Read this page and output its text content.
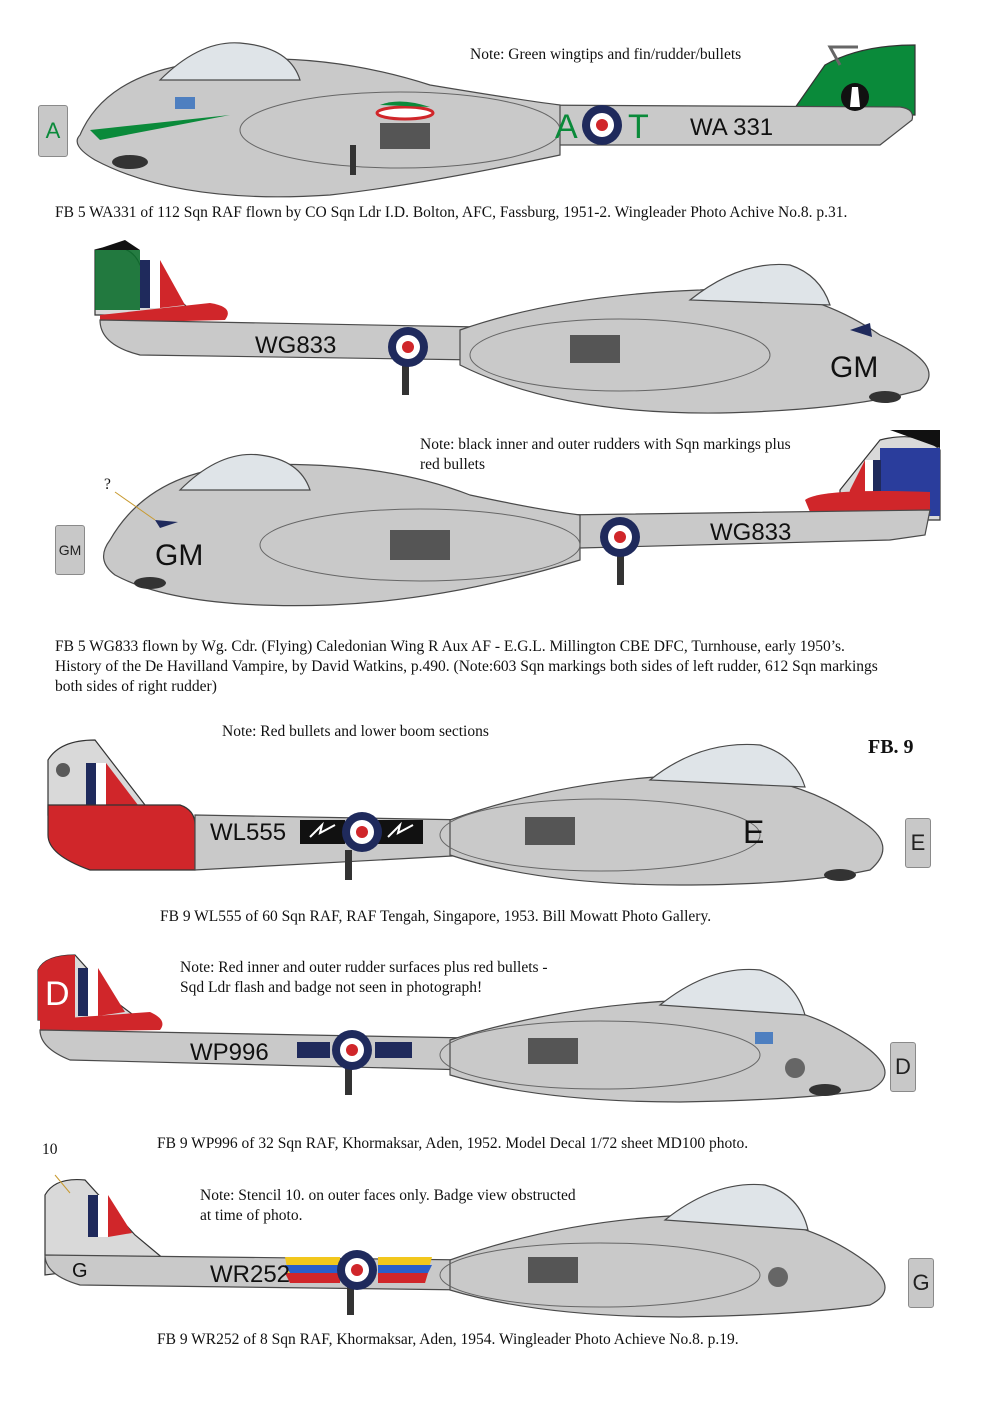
Note: Green wingtips and fin/rudder/bullets
A	A T WA 331
FB 5 WA331 of 112 Sqn RAF flown by CO Sqn Ldr I.D. Bolton, AFC, Fassburg, 1951-2. Wingleader Photo Achive No.8. p.31.
WG833
GM
Note: black inner and outer rudders with Sqn markings plus
red bullets
?
GM
WG833
GM
FB 5 WG833 flown by Wg. Cdr. (Flying) Caledonian Wing R Aux AF - E.G.L. Millington CBE DFC, Turnhouse, early 1950’s.
History of the De Havilland Vampire, by David Watkins, p.490. (Note:603 Sqn markings both sides of left rudder, 612 Sqn markings
both sides of right rudder)
Note: Red bullets and lower boom sections
FB. 9
E
WL555	E
FB 9 WL555 of 60 Sqn RAF, RAF Tengah, Singapore, 1953. Bill Mowatt Photo Gallery.
Note: Red inner and outer rudder surfaces plus red bullets -
Sqd Ldr flash and badge not seen in photograph!
D
D
WP996
FB 9 WP996 of 32 Sqn RAF, Khormaksar, Aden, 1952. Model Decal 1/72 sheet MD100 photo.
10
Note: Stencil 10. on outer faces only. Badge view obstructed
at time of photo.
G
G	WR252
FB 9 WR252 of 8 Sqn RAF, Khormaksar, Aden, 1954. Wingleader Photo Achieve No.8. p.19.
